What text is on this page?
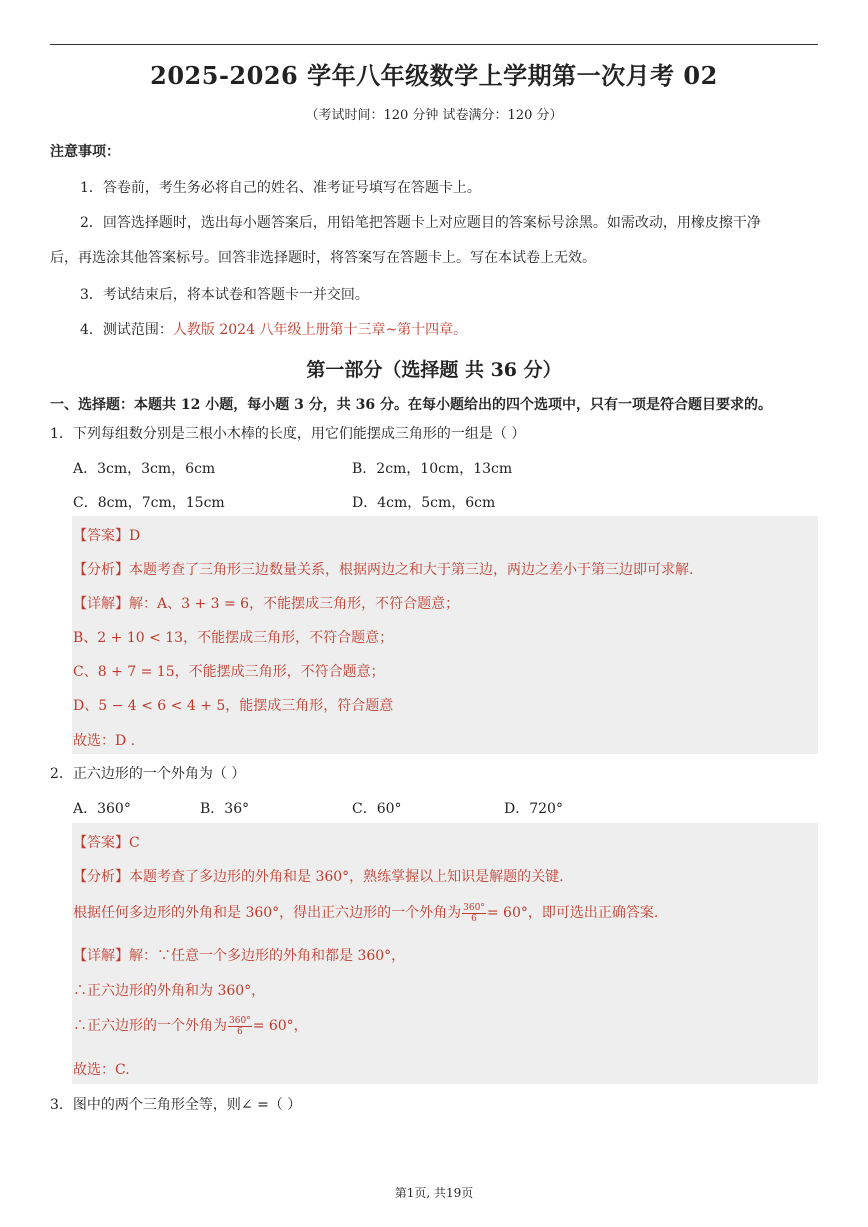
2025-2026 学年八年级数学上学期第一次月考 02
（考试时间：120 分钟 试卷满分：120 分）
注意事项：
1．答卷前，考生务必将自己的姓名、准考证号填写在答题卡上。
2．回答选择题时，选出每小题答案后，用铅笔把答题卡上对应题目的答案标号涂黑。如需改动，用橡皮擦干净
后，再选涂其他答案标号。回答非选择题时，将答案写在答题卡上。写在本试卷上无效。
3．考试结束后，将本试卷和答题卡一并交回。
4．测试范围：人教版 2024 八年级上册第十三章~第十四章。
第一部分（选择题 共 36 分）
一、选择题：本题共 12 小题，每小题 3 分，共 36 分。在每小题给出的四个选项中，只有一项是符合题目要求的。
1．下列每组数分别是三根小木棒的长度，用它们能摆成三角形的一组是（ ）
A．3cm，3cm，6cm	B．2cm，10cm，13cm
C．8cm，7cm，15cm	D．4cm，5cm，6cm
【答案】D
【分析】本题考查了三角形三边数量关系，根据两边之和大于第三边，两边之差小于第三边即可求解.
【详解】解：A、3 + 3 = 6，不能摆成三角形，不符合题意；
B、2 + 10 < 13，不能摆成三角形，不符合题意；
C、8 + 7 = 15，不能摆成三角形，不符合题意；
D、5 − 4 < 6 < 4 + 5，能摆成三角形，符合题意
故选：D .
2．正六边形的一个外角为（ ）
A．360°	B．36°	C．60°	D．720°
【答案】C
【分析】本题考查了多边形的外角和是 360°，熟练掌握以上知识是解题的关键.
根据任何多边形的外角和是 360°，得出正六边形的一个外角为 $\frac{360^\circ}{6} = 60^\circ$，即可选出正确答案.
【详解】解：∵任意一个多边形的外角和都是 360°，
∴正六边形的外角和为 360°，
∴正六边形的一个外角为 $\frac{360^\circ}{6} = 60^\circ$，
故选：C.
3．图中的两个三角形全等，则∠ =（ ）
第1页, 共19页
